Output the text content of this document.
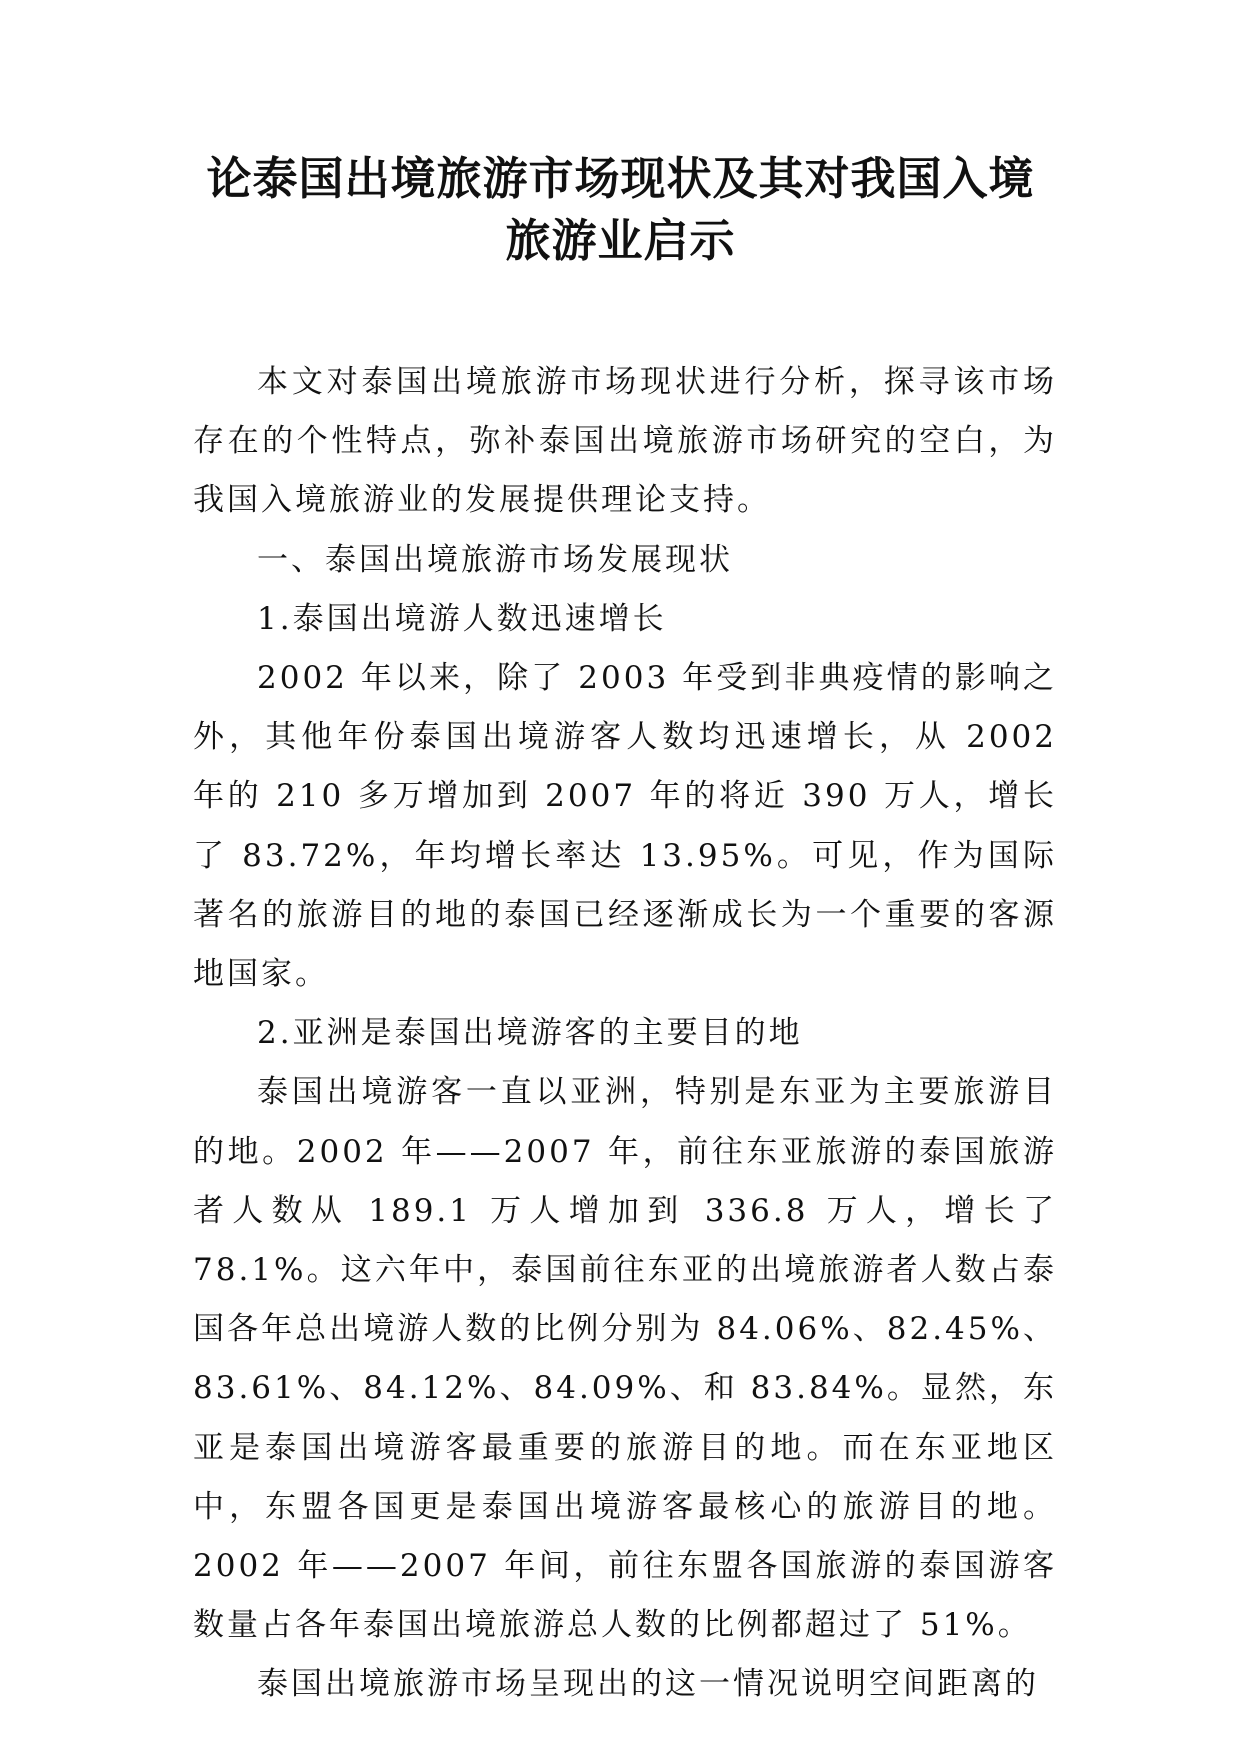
论泰国出境旅游市场现状及其对我国入境
旅游业启示

本文对泰国出境旅游市场现状进行分析，探寻该市场存在的个性特点，弥补泰国出境旅游市场研究的空白，为我国入境旅游业的发展提供理论支持。

一、泰国出境旅游市场发展现状

1.泰国出境游人数迅速增长

2002 年以来，除了 2003 年受到非典疫情的影响之外，其他年份泰国出境游客人数均迅速增长，从 2002 年的 210 多万增加到 2007 年的将近 390 万人，增长了 83.72%，年均增长率达 13.95%。可见，作为国际著名的旅游目的地的泰国已经逐渐成长为一个重要的客源地国家。

2.亚洲是泰国出境游客的主要目的地

泰国出境游客一直以亚洲，特别是东亚为主要旅游目的地。2002 年——2007 年，前往东亚旅游的泰国旅游者人数从 189.1 万人增加到 336.8 万人，增长了 78.1%。这六年中，泰国前往东亚的出境旅游者人数占泰国各年总出境游人数的比例分别为 84.06%、82.45%、83.61%、84.12%、84.09%、和 83.84%。显然，东亚是泰国出境游客最重要的旅游目的地。而在东亚地区中，东盟各国更是泰国出境游客最核心的旅游目的地。2002 年——2007 年间，前往东盟各国旅游的泰国游客数量占各年泰国出境旅游总人数的比例都超过了 51%。

泰国出境旅游市场呈现出的这一情况说明空间距离的
